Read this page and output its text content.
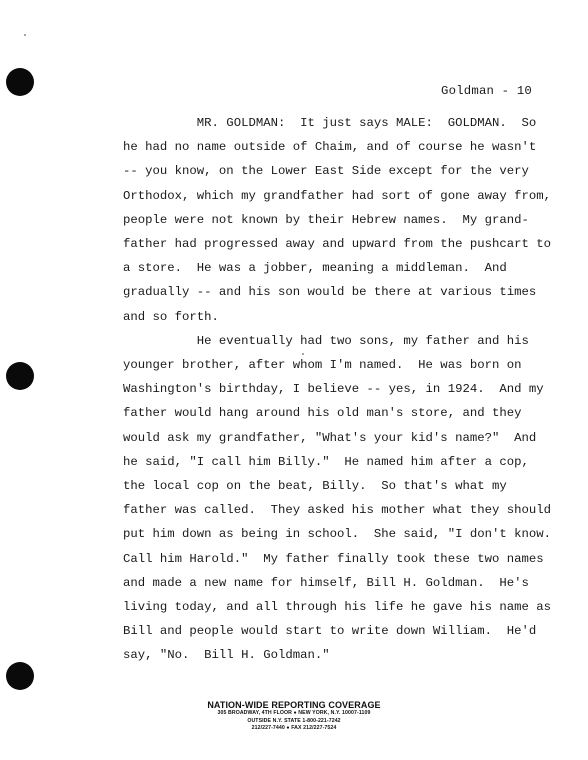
Goldman - 10
MR. GOLDMAN:  It just says MALE:  GOLDMAN.  So
he had no name outside of Chaim, and of course he wasn't
-- you know, on the Lower East Side except for the very
Orthodox, which my grandfather had sort of gone away from,
people were not known by their Hebrew names.  My grand-
father had progressed away and upward from the pushcart to
a store.  He was a jobber, meaning a middleman.  And
gradually -- and his son would be there at various times
and so forth.
He eventually had two sons, my father and his
younger brother, after whom I'm named.  He was born on
Washington's birthday, I believe -- yes, in 1924.  And my
father would hang around his old man's store, and they
would ask my grandfather, "What's your kid's name?"  And
he said, "I call him Billy."  He named him after a cop,
the local cop on the beat, Billy.  So that's what my
father was called.  They asked his mother what they should
put him down as being in school.  She said, "I don't know.
Call him Harold."  My father finally took these two names
and made a new name for himself, Bill H. Goldman.  He's
living today, and all through his life he gave his name as
Bill and people would start to write down William.  He'd
say, "No.  Bill H. Goldman."
NATION-WIDE REPORTING COVERAGE
305 BROADWAY, 4TH FLOOR ● NEW YORK, N.Y. 10007-1109
OUTSIDE N.Y. STATE 1-800-221-7242
212/227-7440 ● FAX 212/227-7524
